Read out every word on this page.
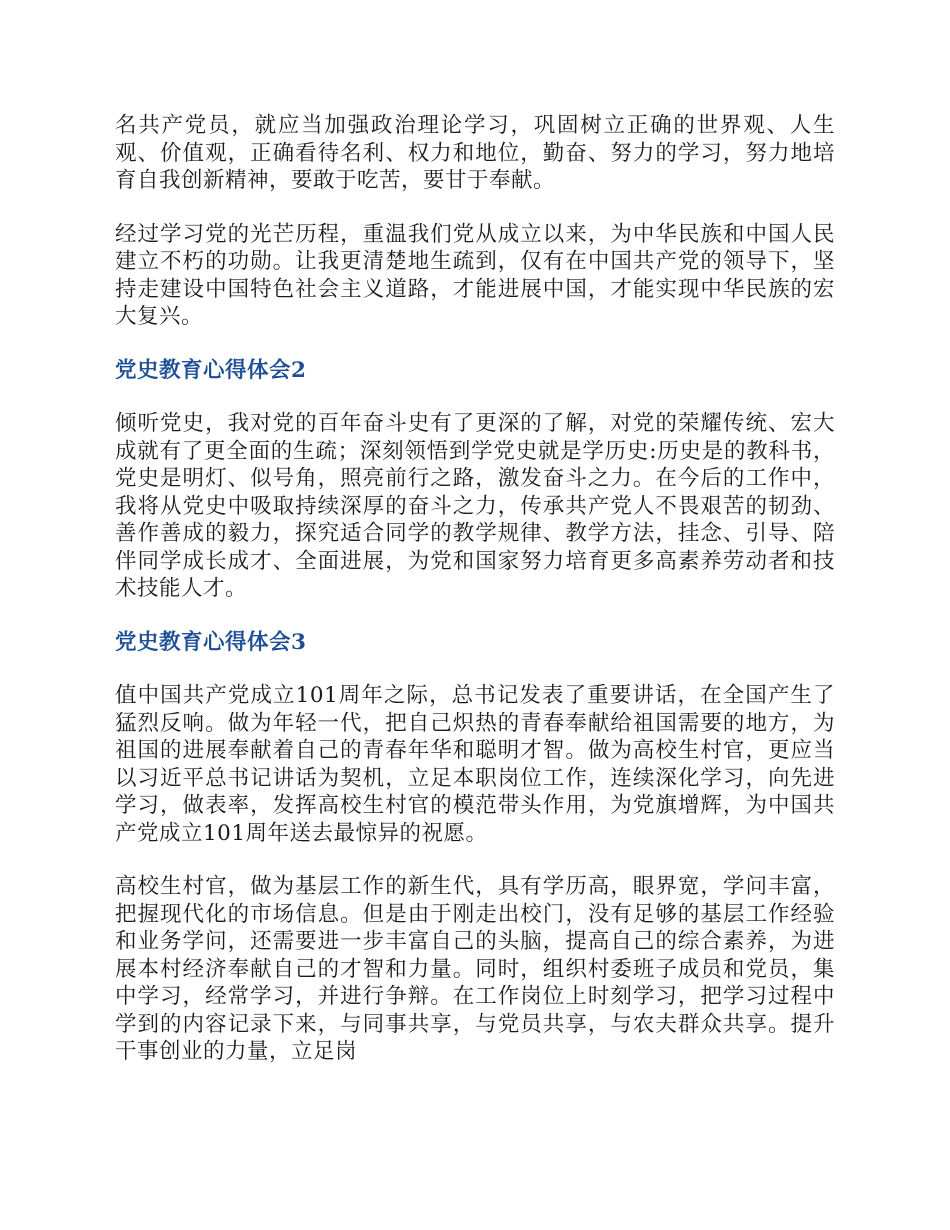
名共产党员，就应当加强政治理论学习，巩固树立正确的世界观、人生观、价值观，正确看待名利、权力和地位，勤奋、努力的学习，努力地培育自我创新精神，要敢于吃苦，要甘于奉献。

经过学习党的光芒历程，重温我们党从成立以来，为中华民族和中国人民建立不朽的功勋。让我更清楚地生疏到，仅有在中国共产党的领导下，坚持走建设中国特色社会主义道路，才能进展中国，才能实现中华民族的宏大复兴。

党史教育心得体会2

倾听党史，我对党的百年奋斗史有了更深的了解，对党的荣耀传统、宏大成就有了更全面的生疏；深刻领悟到学党史就是学历史:历史是的教科书，党史是明灯、似号角，照亮前行之路，激发奋斗之力。在今后的工作中，我将从党史中吸取持续深厚的奋斗之力，传承共产党人不畏艰苦的韧劲、善作善成的毅力，探究适合同学的教学规律、教学方法，挂念、引导、陪伴同学成长成才、全面进展，为党和国家努力培育更多高素养劳动者和技术技能人才。

党史教育心得体会3

值中国共产党成立101周年之际，总书记发表了重要讲话，在全国产生了猛烈反响。做为年轻一代，把自己炽热的青春奉献给祖国需要的地方，为祖国的进展奉献着自己的青春年华和聪明才智。做为高校生村官，更应当以习近平总书记讲话为契机，立足本职岗位工作，连续深化学习，向先进学习，做表率，发挥高校生村官的模范带头作用，为党旗增辉，为中国共产党成立101周年送去最惊异的祝愿。

高校生村官，做为基层工作的新生代，具有学历高，眼界宽，学问丰富，把握现代化的市场信息。但是由于刚走出校门，没有足够的基层工作经验和业务学问，还需要进一步丰富自己的头脑，提高自己的综合素养，为进展本村经济奉献自己的才智和力量。同时，组织村委班子成员和党员，集中学习，经常学习，并进行争辩。在工作岗位上时刻学习，把学习过程中学到的内容记录下来，与同事共享，与党员共享，与农夫群众共享。提升干事创业的力量，立足岗
